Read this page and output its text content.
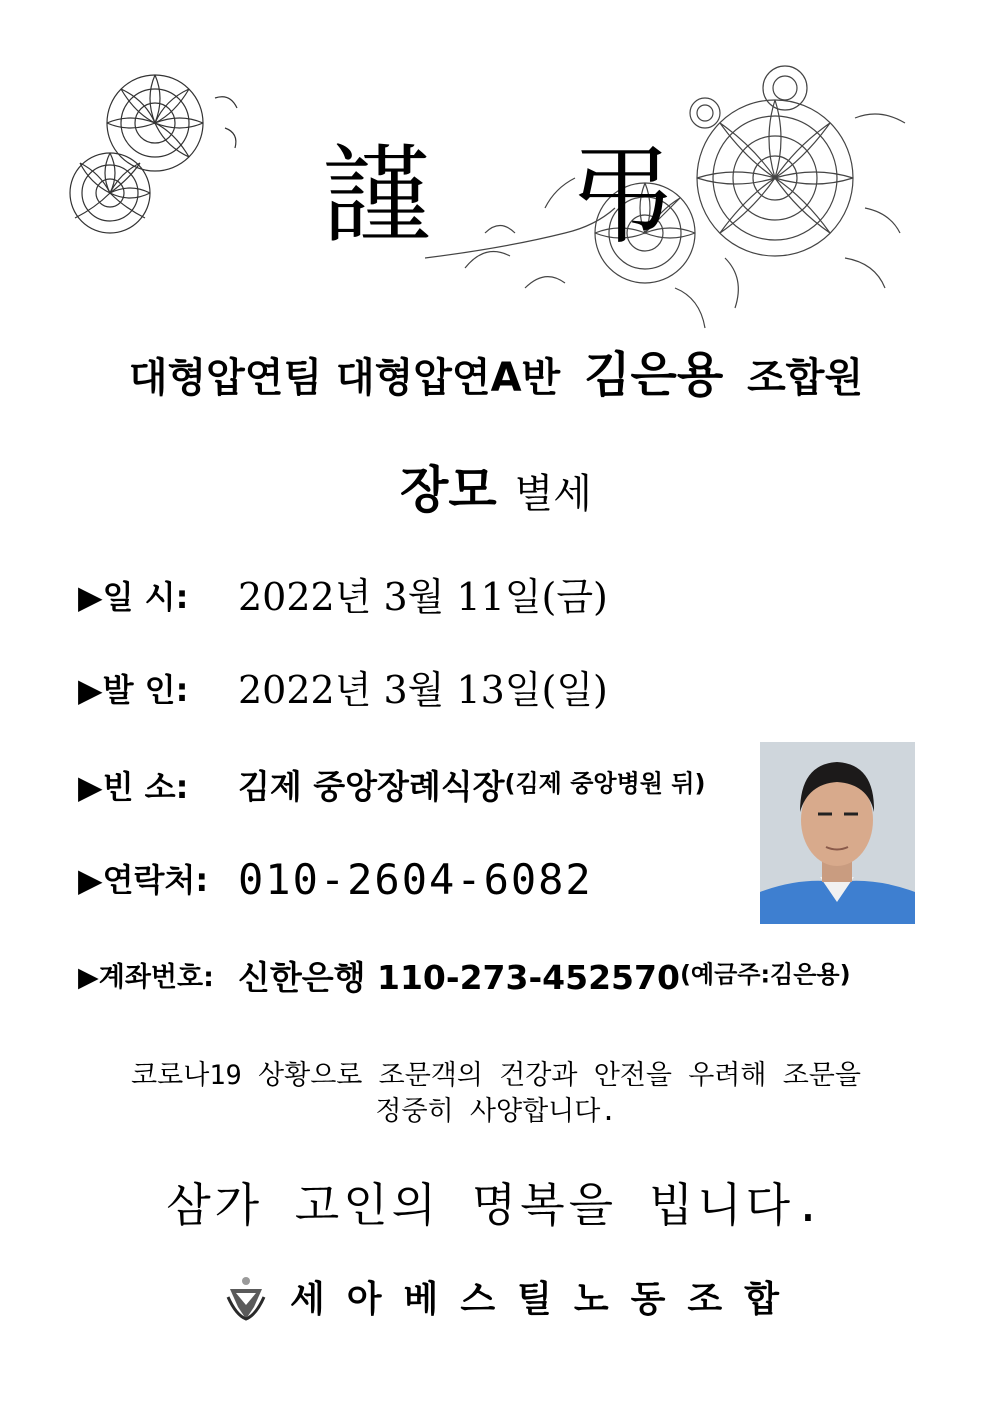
謹 弔
대형압연팀 대형압연A반 김은용 조합원
장모 별세
▶일 시: 2022년 3월 11일(금)
▶발 인: 2022년 3월 13일(일)
▶빈 소: 김제 중앙장례식장(김제 중앙병원 뒤)
▶연락처: 010-2604-6082
▶계좌번호: 신한은행 110-273-452570(예금주:김은용)
코로나19 상황으로 조문객의 건강과 안전을 우려해 조문을
정중히 사양합니다.
삼가 고인의 명복을 빕니다.
세아베스틸노동조합
